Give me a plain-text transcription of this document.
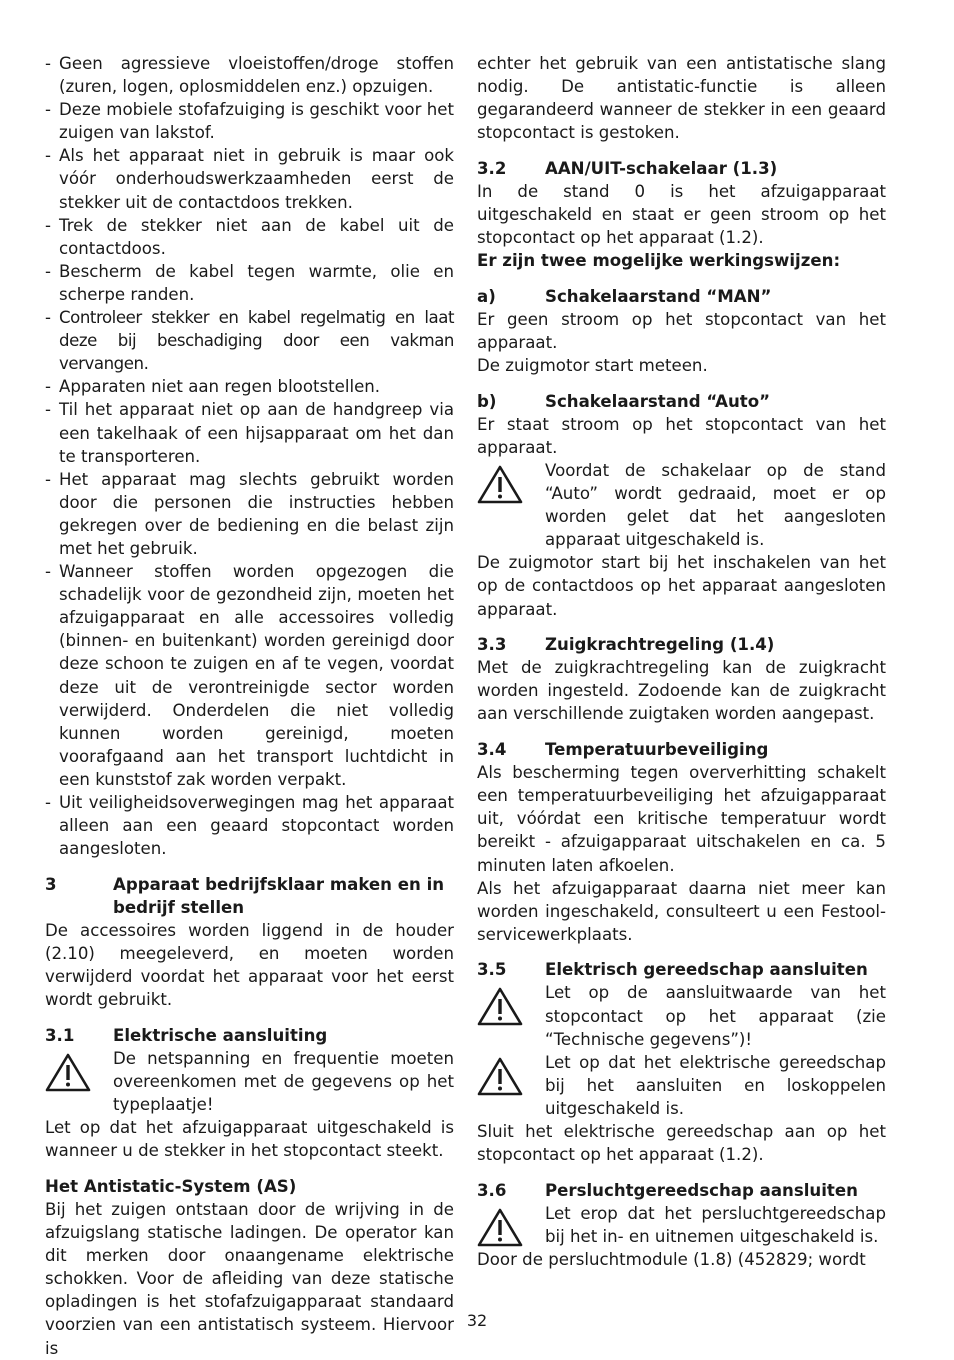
- Geen agressieve vloeistoffen/droge stoffen (zuren, logen, oplosmiddelen enz.) opzuigen.
- Deze mobiele stofafzuiging is geschikt voor het zuigen van lakstof.
- Als het apparaat niet in gebruik is maar ook vóór onderhoudswerkzaamheden eerst de stekker uit de contactdoos trekken.
- Trek de stekker niet aan de kabel uit de contactdoos.
- Bescherm de kabel tegen warmte, olie en scherpe randen.
- Controleer stekker en kabel regelmatig en laat deze bij beschadiging door een vakman vervangen.
- Apparaten niet aan regen blootstellen.
- Til het apparaat niet op aan de handgreep via een takelhaak of een hijsapparaat om het dan te transporteren.
- Het apparaat mag slechts gebruikt worden door die personen die instructies hebben gekregen over de bediening en die belast zijn met het gebruik.
- Wanneer stoffen worden opgezogen die schadelijk voor de gezondheid zijn, moeten het afzuigapparaat en alle accessoires volledig (binnen- en buitenkant) worden gereinigd door deze schoon te zuigen en af te vegen, voordat deze uit de verontreinigde sector worden verwijderd. Onderdelen die niet volledig kunnen worden gereinigd, moeten voorafgaand aan het transport luchtdicht in een kunststof zak worden verpakt.
- Uit veiligheidsoverwegingen mag het apparaat alleen aan een geaard stopcontact worden aangesloten.
3	Apparaat bedrijfsklaar maken en in bedrijf stellen

De accessoires worden liggend in de houder (2.10) meegeleverd, en moeten worden verwijderd voordat het apparaat voor het eerst wordt gebruikt.

3.1	Elektrische aansluiting
De netspanning en frequentie moeten overeenkomen met de gegevens op het typeplaatje!

Let op dat het afzuigapparaat uitgeschakeld is wanneer u de stekker in het stopcontact steekt.

Het Antistatic-System (AS)

Bij het zuigen ontstaan door de wrijving in de afzuigslang statische ladingen. De operator kan dit merken door onaangename elektrische schokken. Voor de afleiding van deze statische opladingen is het stofafzuigapparaat standaard voorzien van een antistatisch systeem. Hiervoor is

echter het gebruik van een antistatische slang nodig. De antistatic-functie is alleen gegarandeerd wanneer de stekker in een geaard stopcontact is gestoken.

3.2	AAN/UIT-schakelaar (1.3)

In de stand 0 is het afzuigapparaat uitgeschakeld en staat er geen stroom op het stopcontact op het apparaat (1.2).

Er zijn twee mogelijke werkingswijzen:

a)	Schakelaarstand “MAN”

Er geen stroom op het stopcontact van het apparaat.

De zuigmotor start meteen.

b)	Schakelaarstand “Auto”

Er staat stroom op het stopcontact van het apparaat.

Voordat de schakelaar op de stand “Auto” wordt gedraaid, moet er op worden gelet dat het aangesloten apparaat uitgeschakeld is.

De zuigmotor start bij het inschakelen van het op de contactdoos op het apparaat aangesloten apparaat.

3.3	Zuigkrachtregeling (1.4)

Met de zuigkrachtregeling kan de zuigkracht worden ingesteld. Zodoende kan de zuigkracht aan verschillende zuigtaken worden aangepast.

3.4	Temperatuurbeveiliging

Als bescherming tegen oververhitting schakelt een temperatuurbeveiliging het afzuigapparaat uit, vóórdat een kritische temperatuur wordt bereikt - afzuigapparaat uitschakelen en ca. 5 minuten laten afkoelen.

Als het afzuigapparaat daarna niet meer kan worden ingeschakeld, consulteert u een Festool-servicewerkplaats.

3.5	Elektrisch gereedschap aansluiten
Let op de aansluitwaarde van het stopcontact op het apparaat (zie “Technische gegevens”)!
Let op dat het elektrische gereedschap bij het aansluiten en loskoppelen uitgeschakeld is.

Sluit het elektrische gereedschap aan op het stopcontact op het apparaat (1.2).

3.6	Persluchtgereedschap aansluiten
Let erop dat het persluchtgereedschap bij het in- en uitnemen uitgeschakeld is.

Door de persluchtmodule (1.8) (452829; wordt

32
